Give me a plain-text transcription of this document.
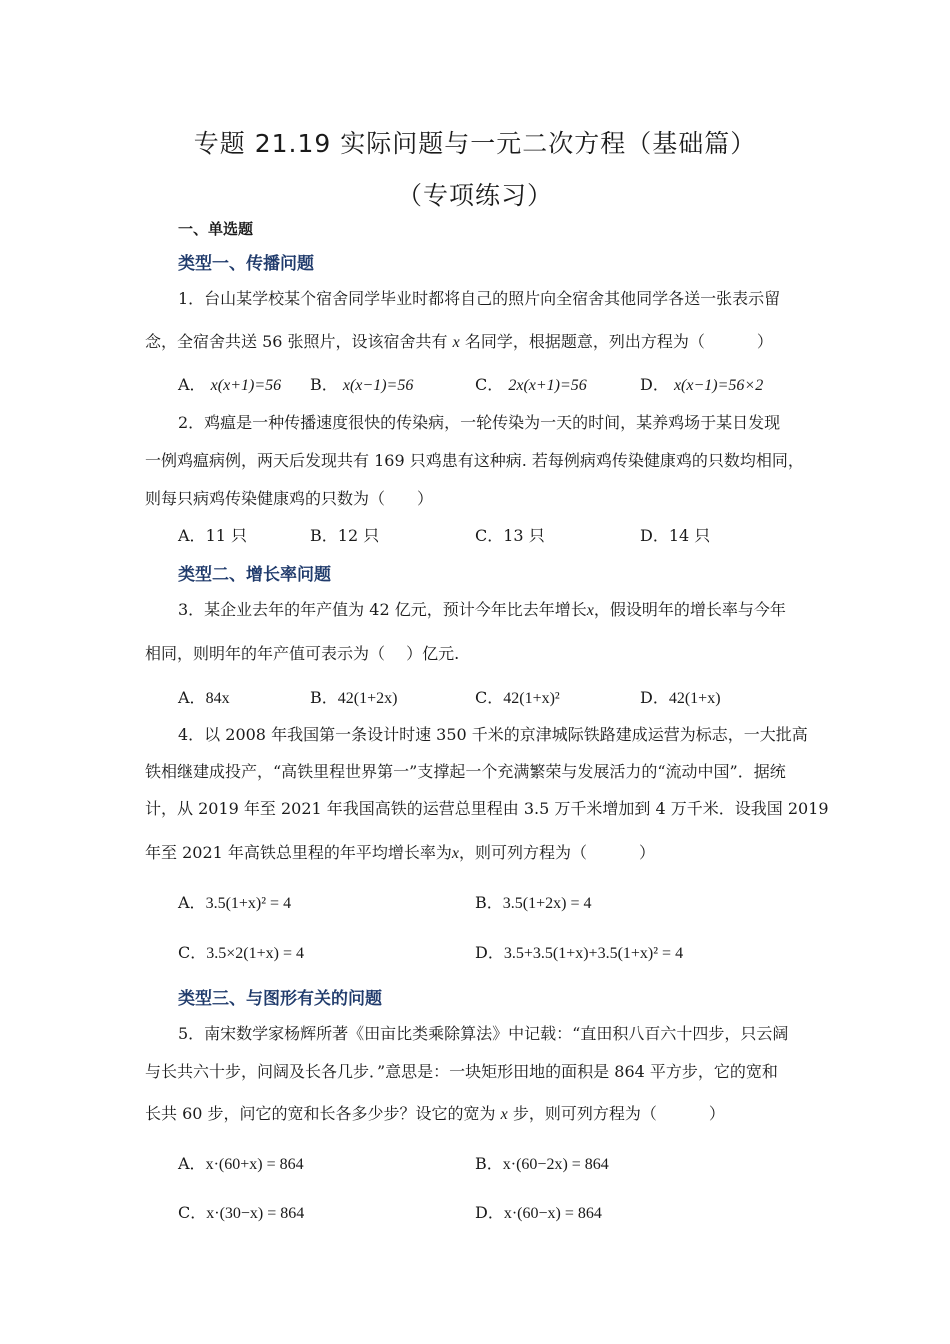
专题 21.19 实际问题与一元二次方程（基础篇）
（专项练习）
一、单选题
类型一、传播问题
1．台山某学校某个宿舍同学毕业时都将自己的照片向全宿舍其他同学各送一张表示留
念，全宿舍共送 56 张照片，设该宿舍共有 x 名同学，根据题意，列出方程为（	）
A． x(x+1)=56 B． x(x−1)=56	C． 2x(x+1)=56	D． x(x−1)=56×2
2．鸡瘟是一种传播速度很快的传染病，一轮传染为一天的时间，某养鸡场于某日发现
一例鸡瘟病例，两天后发现共有 169 只鸡患有这种病. 若每例病鸡传染健康鸡的只数均相同，
则每只病鸡传染健康鸡的只数为（　　）
A．11 只	B．12 只	C．13 只	D．14 只
类型二、增长率问题
3．某企业去年的年产值为 42 亿元，预计今年比去年增长x，假设明年的增长率与今年
相同，则明年的年产值可表示为（　 ）亿元.
A．84x	B．42(1+2x)	C．42(1+x)²	D．42(1+x)
4．以 2008 年我国第一条设计时速 350 千米的京津城际铁路建成运营为标志，一大批高
铁相继建成投产，“高铁里程世界第一”支撑起一个充满繁荣与发展活力的“流动中国”．据统
计，从 2019 年至 2021 年我国高铁的运营总里程由 3.5 万千米增加到 4 万千米．设我国 2019
年至 2021 年高铁总里程的年平均增长率为x，则可列方程为（	）
A．3.5(1+x)² = 4	B．3.5(1+2x) = 4
C．3.5×2(1+x) = 4	D．3.5+3.5(1+x)+3.5(1+x)² = 4
类型三、与图形有关的问题
5．南宋数学家杨辉所著《田亩比类乘除算法》中记载：“直田积八百六十四步，只云阔
与长共六十步，问阔及长各几步．”意思是：一块矩形田地的面积是 864 平方步，它的宽和
长共 60 步，问它的宽和长各多少步？设它的宽为 x 步，则可列方程为（	）
A．x·(60+x) = 864	B．x·(60−2x) = 864
C．x·(30−x) = 864	D．x·(60−x) = 864
